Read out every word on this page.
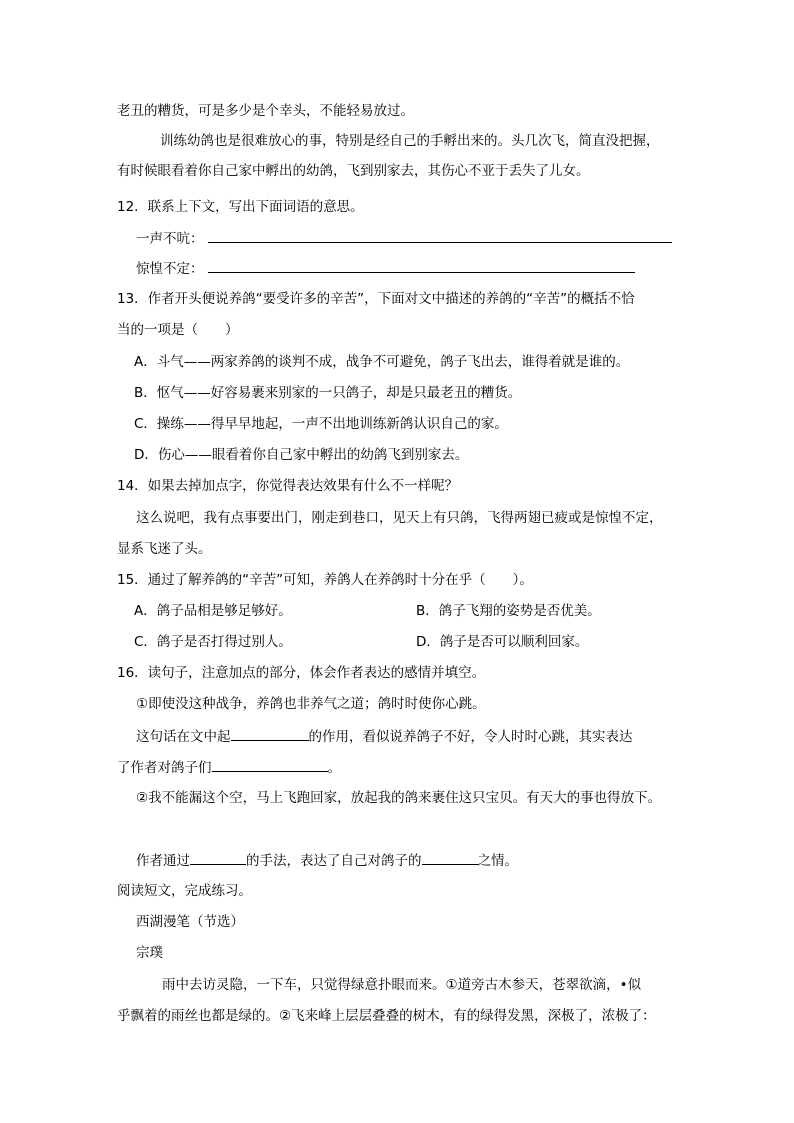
老丑的糟货，可是多少是个幸头，不能轻易放过。
训练幼鸽也是很难放心的事，特别是经自己的手孵出来的。头几次飞，简直没把握，
有时候眼看着你自己家中孵出的幼鸽，飞到别家去，其伤心不亚于丢失了儿女。
12．联系上下文，写出下面词语的意思。
一声不吭：
惊惶不定：
13．作者开头便说养鸽“要受许多的辛苦”，下面对文中描述的养鸽的“辛苦”的概括不恰
当的一项是（　　）
A．斗气——两家养鸽的谈判不成，战争不可避免，鸽子飞出去，谁得着就是谁的。
B．怄气——好容易裹来别家的一只鸽子，却是只最老丑的糟货。
C．操练——得早早地起，一声不出地训练新鸽认识自己的家。
D．伤心——眼看着你自己家中孵出的幼鸽飞到别家去。
14．如果去掉加点字，你觉得表达效果有什么不一样呢？
这么说吧，我有点事要出门，刚走到巷口，见天上有只鸽，飞得两翅已疲或是惊惶不定，
显系飞迷了头。
15．通过了解养鸽的“辛苦”可知，养鸽人在养鸽时十分在乎（　　）。
A．鸽子品相是够足够好。	B．鸽子飞翔的姿势是否优美。
C．鸽子是否打得过别人。	D．鸽子是否可以顺利回家。
16．读句子，注意加点的部分，体会作者表达的感情并填空。
①即使没这种战争，养鸽也非养气之道；鸽时时使你心跳。
这句话在文中起	的作用，看似说养鸽子不好，令人时时心跳，其实表达
了作者对鸽子们	。
②我不能漏这个空，马上飞跑回家，放起我的鸽来裹住这只宝贝。有天大的事也得放下。
作者通过	的手法，表达了自己对鸽子的	之情。
阅读短文，完成练习。
西湖漫笔（节选）
宗璞
雨中去访灵隐，一下车，只觉得绿意扑眼而来。①道旁古木参天，苍翠欲滴，•似
乎飘着的雨丝也都是绿的。②飞来峰上层层叠叠的树木，有的绿得发黑，深极了，浓极了：
